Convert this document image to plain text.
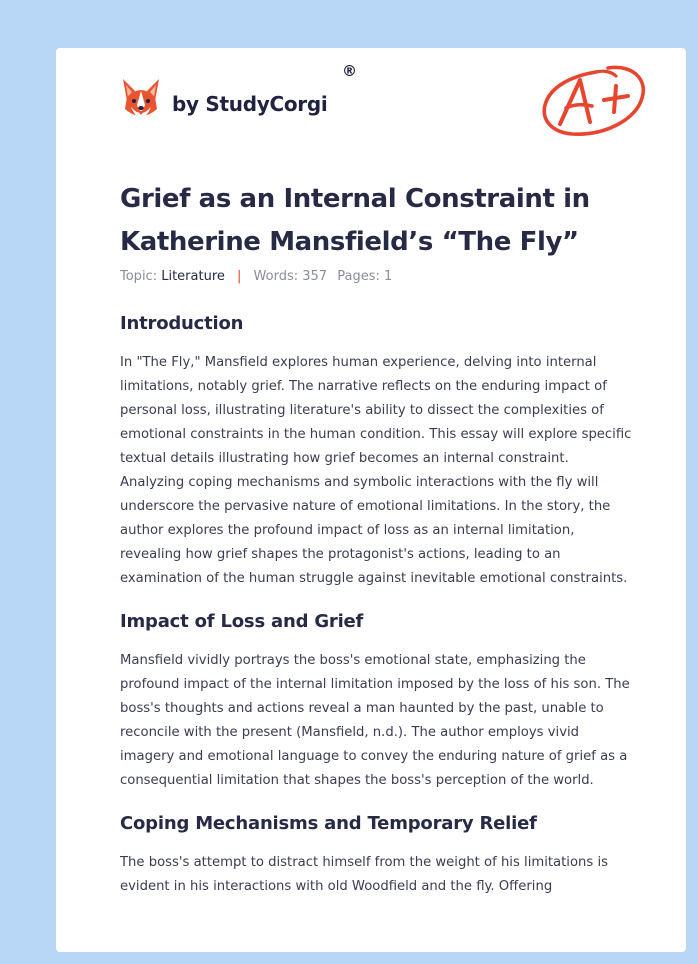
by StudyCorgi
®
Grief as an Internal Constraint in Katherine Mansfield’s “The Fly”
Topic: Literature | Words: 357 Pages: 1
Introduction

In "The Fly," Mansfield explores human experience, delving into internal limitations, notably grief. The narrative reflects on the enduring impact of personal loss, illustrating literature's ability to dissect the complexities of emotional constraints in the human condition. This essay will explore specific textual details illustrating how grief becomes an internal constraint. Analyzing coping mechanisms and symbolic interactions with the fly will underscore the pervasive nature of emotional limitations. In the story, the author explores the profound impact of loss as an internal limitation, revealing how grief shapes the protagonist's actions, leading to an examination of the human struggle against inevitable emotional constraints.

Impact of Loss and Grief

Mansfield vividly portrays the boss's emotional state, emphasizing the profound impact of the internal limitation imposed by the loss of his son. The boss's thoughts and actions reveal a man haunted by the past, unable to reconcile with the present (Mansfield, n.d.). The author employs vivid imagery and emotional language to convey the enduring nature of grief as a consequential limitation that shapes the boss's perception of the world.

Coping Mechanisms and Temporary Relief

The boss's attempt to distract himself from the weight of his limitations is evident in his interactions with old Woodfield and the fly. Offering
